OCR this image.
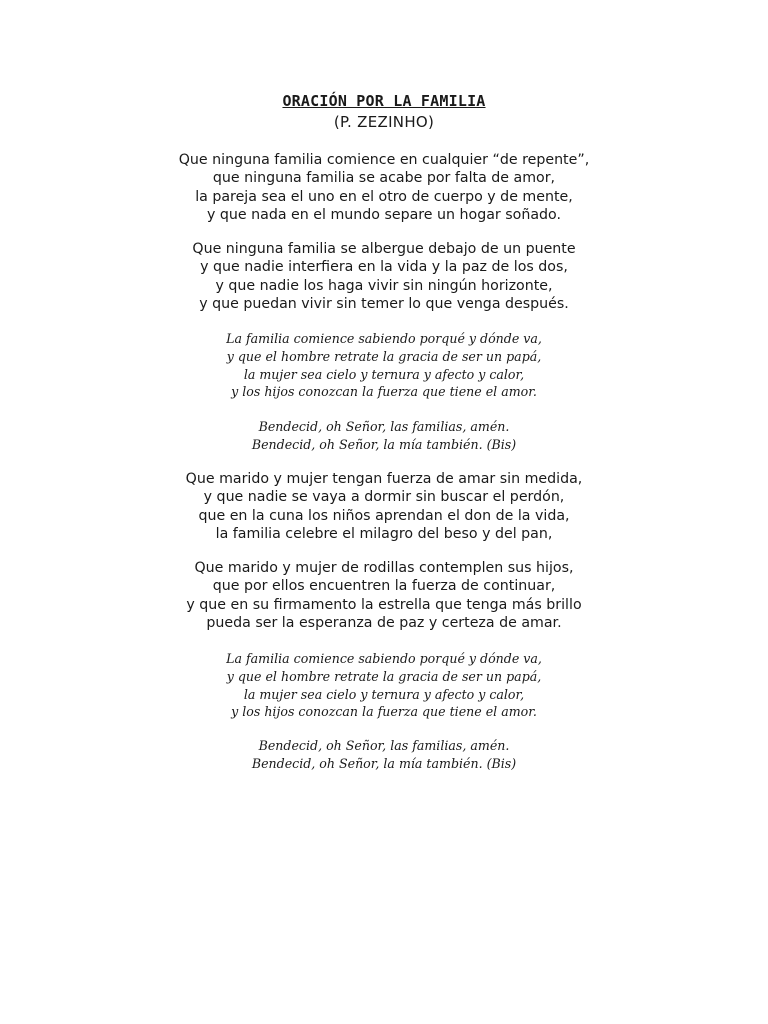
ORACIÓN POR LA FAMILIA
(P. ZEZINHO)
Que ninguna familia comience en cualquier “de repente”,
que ninguna familia se acabe por falta de amor,
la pareja sea el uno en el otro de cuerpo y de mente,
y que nada en el mundo separe un hogar soñado.
Que ninguna familia se albergue debajo de un puente
y que nadie interfiera en la vida y la paz de los dos,
y que nadie los haga vivir sin ningún horizonte,
y que puedan vivir sin temer lo que venga después.
La familia comience sabiendo porqué y dónde va,
y que el hombre retrate la gracia de ser un papá,
la mujer sea cielo y ternura y afecto y calor,
y los hijos conozcan la fuerza que tiene el amor.
Bendecid, oh Señor, las familias, amén.
Bendecid, oh Señor, la mía también. (Bis)
Que marido y mujer tengan fuerza de amar sin medida,
y que nadie se vaya a dormir sin buscar el perdón,
que en la cuna los niños aprendan el don de la vida,
la familia celebre el milagro del beso y del pan,
Que marido y mujer de rodillas contemplen sus hijos,
que por ellos encuentren la fuerza de continuar,
y que en su firmamento la estrella que tenga más brillo
pueda ser la esperanza de paz y certeza de amar.
La familia comience sabiendo porqué y dónde va,
y que el hombre retrate la gracia de ser un papá,
la mujer sea cielo y ternura y afecto y calor,
y los hijos conozcan la fuerza que tiene el amor.
Bendecid, oh Señor, las familias, amén.
Bendecid, oh Señor, la mía también. (Bis)
